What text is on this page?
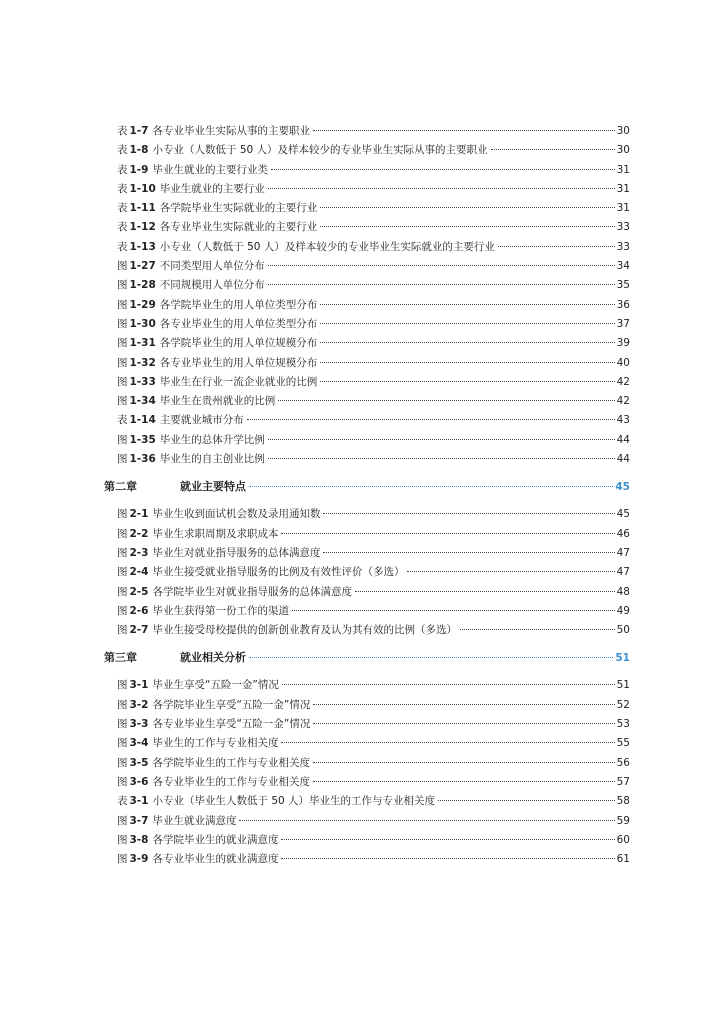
表 1-7 各专业毕业生实际从事的主要职业	30
表 1-8 小专业（人数低于 50 人）及样本较少的专业毕业生实际从事的主要职业	30
表 1-9 毕业生就业的主要行业类	31
表 1-10 毕业生就业的主要行业	31
表 1-11 各学院毕业生实际就业的主要行业	31
表 1-12 各专业毕业生实际就业的主要行业	33
表 1-13 小专业（人数低于 50 人）及样本较少的专业毕业生实际就业的主要行业	33
图 1-27 不同类型用人单位分布	34
图 1-28 不同规模用人单位分布	35
图 1-29 各学院毕业生的用人单位类型分布	36
图 1-30 各专业毕业生的用人单位类型分布	37
图 1-31 各学院毕业生的用人单位规模分布	39
图 1-32 各专业毕业生的用人单位规模分布	40
图 1-33 毕业生在行业一流企业就业的比例	42
图 1-34 毕业生在贵州就业的比例	42
表 1-14 主要就业城市分布	43
图 1-35 毕业生的总体升学比例	44
图 1-36 毕业生的自主创业比例	44
第二章	就业主要特点	45
图 2-1 毕业生收到面试机会数及录用通知数	45
图 2-2 毕业生求职周期及求职成本	46
图 2-3 毕业生对就业指导服务的总体满意度	47
图 2-4 毕业生接受就业指导服务的比例及有效性评价（多选）	47
图 2-5 各学院毕业生对就业指导服务的总体满意度	48
图 2-6 毕业生获得第一份工作的渠道	49
图 2-7 毕业生接受母校提供的创新创业教育及认为其有效的比例（多选）	50
第三章	就业相关分析	51
图 3-1 毕业生享受“五险一金”情况	51
图 3-2 各学院毕业生享受“五险一金”情况	52
图 3-3 各专业毕业生享受“五险一金”情况	53
图 3-4 毕业生的工作与专业相关度	55
图 3-5 各学院毕业生的工作与专业相关度	56
图 3-6 各专业毕业生的工作与专业相关度	57
表 3-1 小专业（毕业生人数低于 50 人）毕业生的工作与专业相关度	58
图 3-7 毕业生就业满意度	59
图 3-8 各学院毕业生的就业满意度	60
图 3-9 各专业毕业生的就业满意度	61
